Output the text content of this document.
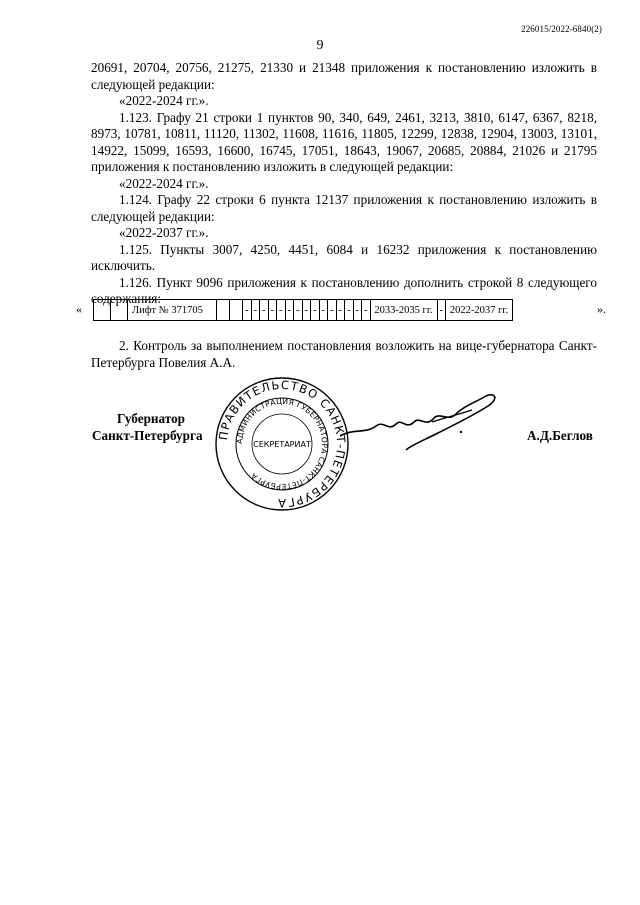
226015/2022-6840(2)
9

20691, 20704, 20756, 21275, 21330 и 21348 приложения к постановлению изложить в следующей редакции:

«2022-2024 гг.».

1.123. Графу 21 строки 1 пунктов 90, 340, 649, 2461, 3213, 3810, 6147, 6367, 8218, 8973, 10781, 10811, 11120, 11302, 11608, 11616, 11805, 12299, 12838, 12904, 13003, 13101, 14922, 15099, 16593, 16600, 16745, 17051, 18643, 19067, 20685, 20884, 21026 и 21795 приложения к постановлению изложить в следующей редакции:

«2022-2024 гг.».

1.124. Графу 22 строки 6 пункта 12137 приложения к постановлению изложить в следующей редакции:

«2022-2037 гг.».

1.125. Пункты 3007, 4250, 4451, 6084 и 16232 приложения к постановлению исключить.

1.126. Пункт 9096 приложения к постановлению дополнить строкой 8 следующего содержания:

«
			Лифт № 371705			-	-	-	-	-	-	-	-	-	-	-	-	-	-	-	2033-2035 гг.	-	2022-2037 гг.	».
2. Контроль за выполнением постановления возложить на вице-губернатора Санкт-Петербурга Повелия А.А.
Губернатор
Санкт-Петербурга	ПРАВИТЕЛЬСТВО САНКТ-ПЕТЕРБУРГА
АДМИНИСТРАЦИЯ ГУБЕРНАТОРА САНКТ-ПЕТЕРБУРГА
СЕКРЕТАРИАТ
А.Д.Беглов
